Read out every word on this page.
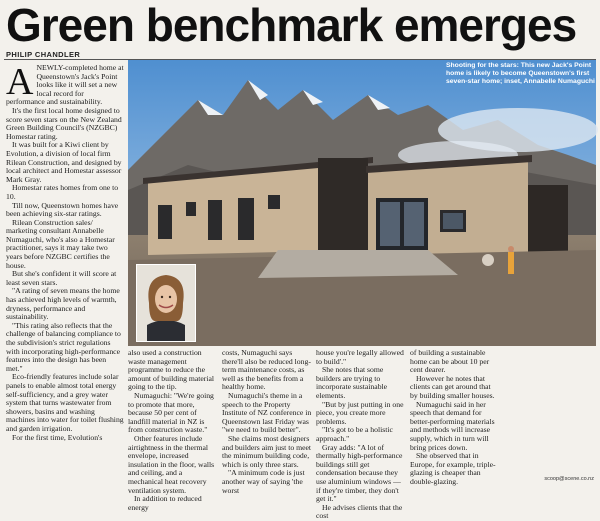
Green benchmark emerges
PHILIP CHANDLER

ANEWLY-completed home at Queenstown's Jack's Point looks like it will set a new local record for performance and sustainability.

It's the first local home designed to score seven stars on the New Zealand Green Building Council's (NZGBC) Homestar rating.

It was built for a Kiwi client by Evolution, a division of local firm Rilean Construction, and designed by local architect and Homestar assessor Mark Gray.

Homestar rates homes from one to 10.

Till now, Queenstown homes have been achieving six-star ratings.

Rilean Construction sales/ marketing consultant Annabelle Numaguchi, who's also a Homestar practitioner, says it may take two years before NZGBC certifies the house.

But she's confident it will score at least seven stars.

"A rating of seven means the home has achieved high levels of warmth, dryness, performance and sustainability.

"This rating also reflects that the challenge of balancing compliance to the subdivision's strict regulations with incorporating high-performance features into the design has been met."

Eco-friendly features include solar panels to enable almost total energy self-sufficiency, and a grey water system that turns wastewater from showers, basins and washing machines into water for toilet flushing and garden irrigation.

For the first time, Evolution's

Shooting for the stars: This new Jack's Point home is likely to become Queenstown's first seven-star home; inset, Annabelle Numaguchi

also used a construction waste management programme to reduce the amount of building material going to the tip.

Numaguchi: "We're going to promote that more, because 50 per cent of landfill material in NZ is from construction waste."

Other features include airtightness in the thermal envelope, increased insulation in the floor, walls and ceiling, and a mechanical heat recovery ventilation system.

In addition to reduced energy

costs, Numaguchi says there'll also be reduced long-term maintenance costs, as well as the benefits from a healthy home.

Numaguchi's theme in a speech to the Property Institute of NZ conference in Queenstown last Friday was "we need to build better".

She claims most designers and builders aim just to meet the minimum building code, which is only three stars.

"A minimum code is just another way of saying 'the worst

house you're legally allowed to build'."

She notes that some builders are trying to incorporate sustainable elements.

"But by just putting in one piece, you create more problems.

"It's got to be a holistic approach."

Gray adds: "A lot of thermally high-performance buildings still get condensation because they use aluminium windows — if they're timber, they don't get it."

He advises clients that the cost

of building a sustainable home can be about 10 per cent dearer.

However he notes that clients can get around that by building smaller houses.

Numaguchi said in her speech that demand for better-performing materials and methods will increase supply, which in turn will bring prices down.

She observed that in Europe, for example, triple-glazing is cheaper than double-glazing.	scoop@scene.co.nz
